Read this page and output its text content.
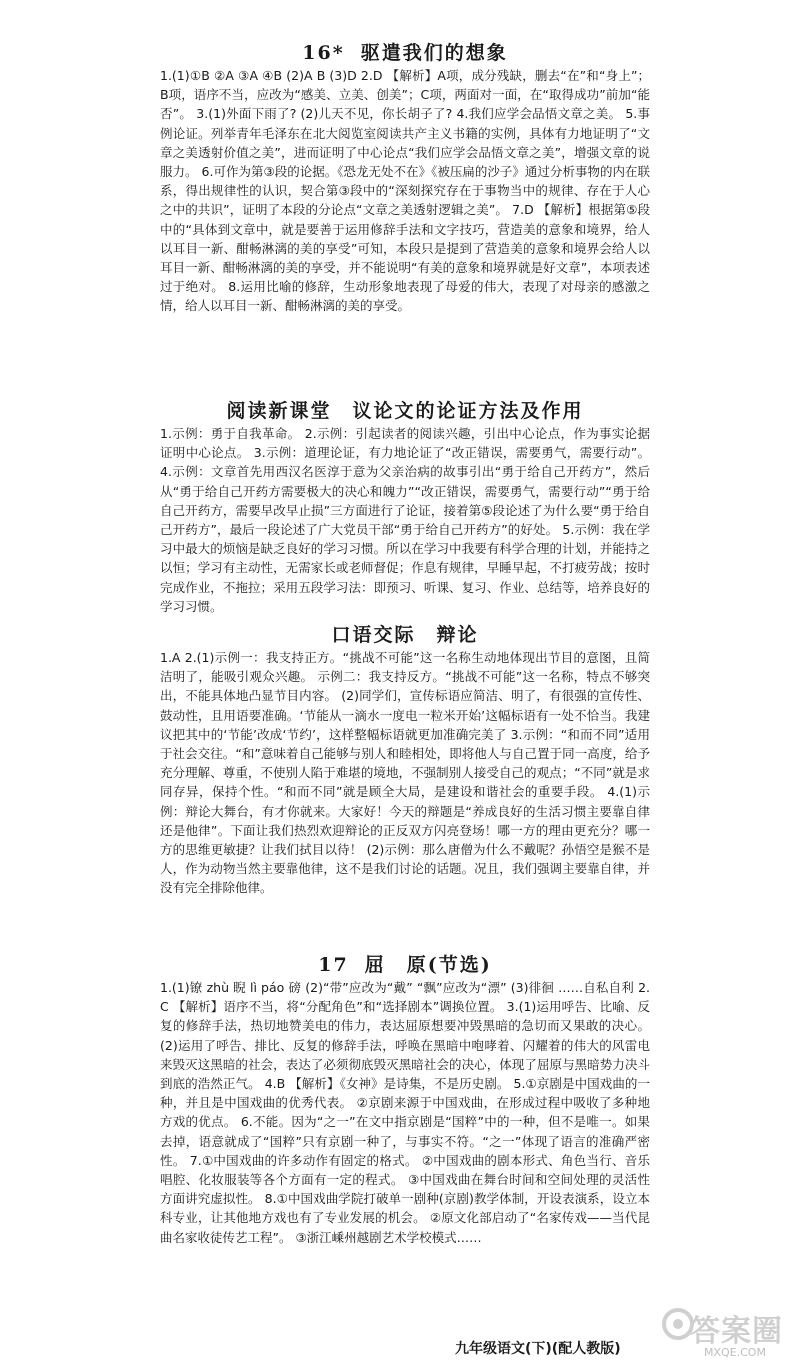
16* 驱遣我们的想象
1.(1)①B ②A ③A ④B (2)A B (3)D 2.D 【解析】A项，成分残缺，删去“在”和“身上”；B项，语序不当，应改为“感美、立美、创美”；C项，两面对一面，在“取得成功”前加“能否”。 3.(1)外面下雨了? (2)儿天不见，你长胡子了? 4.我们应学会品悟文章之美。 5.事例论证。列举青年毛泽东在北大阅览室阅读共产主义书籍的实例，具体有力地证明了“文章之美透射价值之美”，进而证明了中心论点“我们应学会品悟文章之美”，增强文章的说服力。 6.可作为第③段的论据。《恐龙无处不在》《被压扁的沙子》通过分析事物的内在联系，得出规律性的认识，契合第③段中的“深刻探究存在于事物当中的规律、存在于人心之中的共识”，证明了本段的分论点“文章之美透射逻辑之美”。 7.D 【解析】根据第⑤段中的“具体到文章中，就是要善于运用修辞手法和文字技巧，营造美的意象和境界，给人以耳目一新、酣畅淋漓的美的享受”可知，本段只是提到了营造美的意象和境界会给人以耳目一新、酣畅淋漓的美的享受，并不能说明“有美的意象和境界就是好文章”，本项表述过于绝对。 8.运用比喻的修辞，生动形象地表现了母爱的伟大，表现了对母亲的感激之情，给人以耳目一新、酣畅淋漓的美的享受。
阅读新课堂　议论文的论证方法及作用
1.示例：勇于自我革命。 2.示例：引起读者的阅读兴趣，引出中心论点，作为事实论据证明中心论点。 3.示例：道理论证，有力地论证了“改正错误，需要勇气，需要行动”。 4.示例：文章首先用西汉名医淳于意为父亲治病的故事引出“勇于给自己开药方”，然后从“勇于给自己开药方需要极大的决心和魄力”“改正错误，需要勇气，需要行动”“勇于给自己开药方，需要早改早止损”三方面进行了论证，接着第⑤段论述了为什么要“勇于给自己开药方”，最后一段论述了广大党员干部“勇于给自己开药方”的好处。 5.示例：我在学习中最大的烦恼是缺乏良好的学习习惯。所以在学习中我要有科学合理的计划，并能持之以恒；学习有主动性，无需家长或老师督促；作息有规律，早睡早起，不打疲劳战；按时完成作业，不拖拉；采用五段学习法：即预习、听课、复习、作业、总结等，培养良好的学习习惯。
口语交际　辩论
1.A 2.(1)示例一：我支持正方。“挑战不可能”这一名称生动地体现出节目的意图，且简洁明了，能吸引观众兴趣。 示例二：我支持反方。“挑战不可能”这一名称，特点不够突出，不能具体地凸显节目内容。 (2)同学们，宣传标语应简洁、明了，有很强的宣传性、鼓动性，且用语要准确。‘节能从一滴水一度电一粒米开始’这幅标语有一处不恰当。我建议把其中的‘节能’改成‘节约’，这样整幅标语就更加准确完美了 3.示例：“和而不同”适用于社会交往。“和”意味着自己能够与别人和睦相处，即将他人与自己置于同一高度，给予充分理解、尊重，不使别人陷于难堪的境地，不强制别人接受自己的观点；“不同”就是求同存异，保持个性。“和而不同”就是顾全大局，是建设和谐社会的重要手段。 4.(1)示例：辩论大舞台，有才你就来。大家好！今天的辩题是“养成良好的生活习惯主要靠自律还是他律”。下面让我们热烈欢迎辩论的正反双方闪亮登场！哪一方的理由更充分？哪一方的思维更敏捷？让我们拭目以待！ (2)示例：那么唐僧为什么不戴呢？孙悟空是猴不是人，作为动物当然主要靠他律，这不是我们讨论的话题。况且，我们强调主要靠自律，并没有完全排除他律。
17 屈　原(节选)
1.(1)镣 zhù 睨 lì páo 磅 (2)“带”应改为“戴” “飘”应改为“漂” (3)徘徊 ……自私自利 2.C 【解析】语序不当，将“分配角色”和“选择剧本”调换位置。 3.(1)运用呼告、比喻、反复的修辞手法，热切地赞美电的伟力，表达屈原想要冲毁黑暗的急切而又果敢的决心。 (2)运用了呼告、排比、反复的修辞手法，呼唤在黑暗中咆哮着、闪耀着的伟大的风雷电来毁灭这黑暗的社会，表达了必须彻底毁灭黑暗社会的决心，体现了屈原与黑暗势力决斗到底的浩然正气。 4.B 【解析】《女神》是诗集，不是历史剧。 5.①京剧是中国戏曲的一种，并且是中国戏曲的优秀代表。 ②京剧来源于中国戏曲，在形成过程中吸收了多种地方戏的优点。 6.不能。因为“之一”在文中指京剧是“国粹”中的一种，但不是唯一。如果去掉，语意就成了“国粹”只有京剧一种了，与事实不符。“之一”体现了语言的准确严密性。 7.①中国戏曲的许多动作有固定的格式。 ②中国戏曲的剧本形式、角色当行、音乐唱腔、化妆服装等各个方面有一定的程式。 ③中国戏曲在舞台时间和空间处理的灵活性方面讲究虚拟性。 8.①中国戏曲学院打破单一剧种(京剧)教学体制，开设表演系，设立本科专业，让其他地方戏也有了专业发展的机会。 ②原文化部启动了“名家传戏——当代昆曲名家收徒传艺工程”。 ③浙江嵊州越剧艺术学校模式……
九年级语文(下)(配人教版)	答案圈
MXQE.COM
